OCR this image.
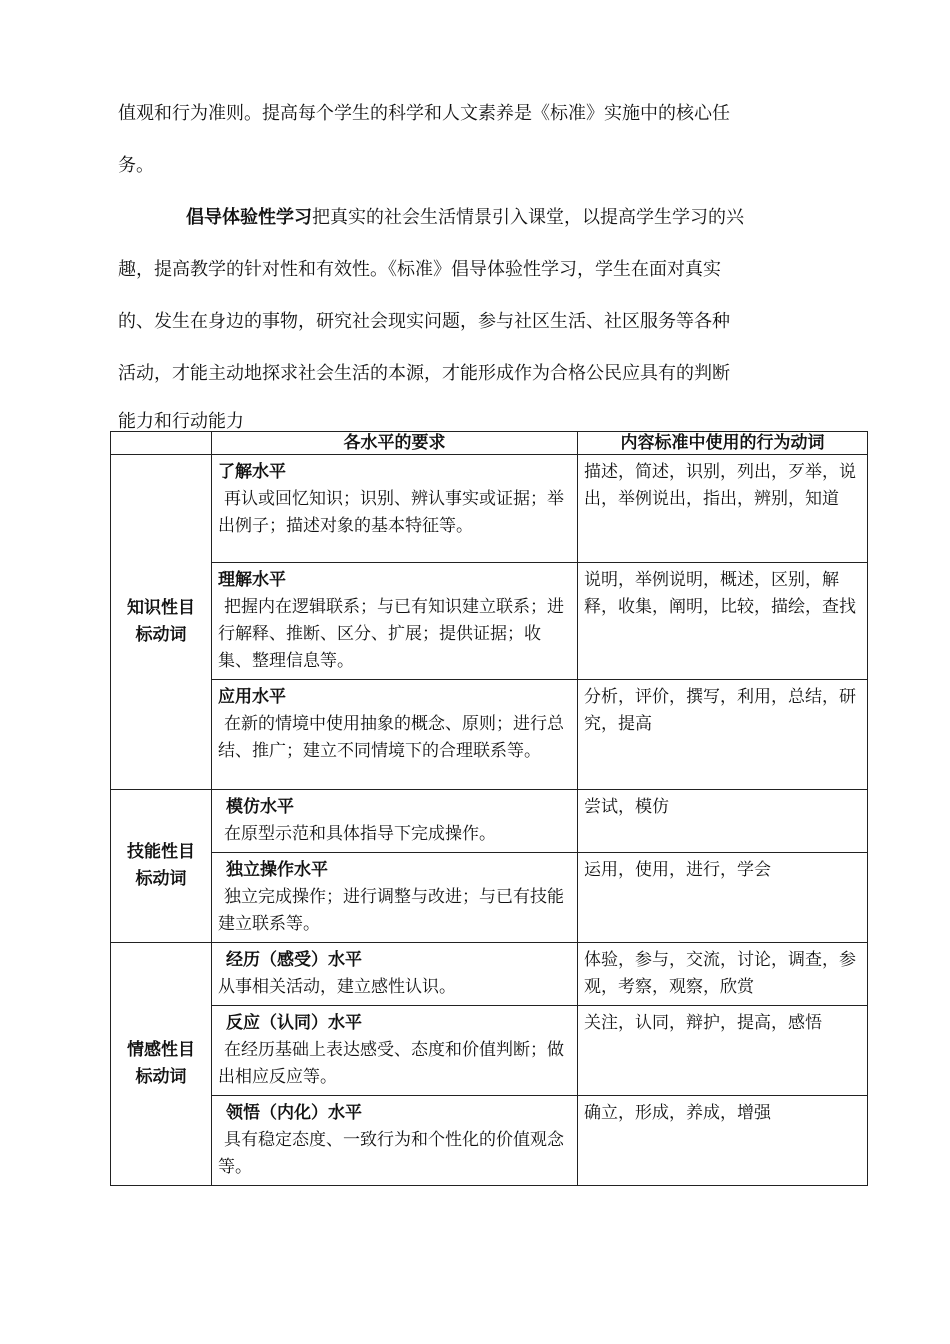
值观和行为准则。提高每个学生的科学和人文素养是《标准》实施中的核心任
务。
倡导体验性学习把真实的社会生活情景引入课堂，以提高学生学习的兴
趣，提高教学的针对性和有效性。《标准》倡导体验性学习，学生在面对真实
的、发生在身边的事物，研究社会现实问题，参与社区生活、社区服务等各种
活动，才能主动地探求社会生活的本源，才能形成作为合格公民应具有的判断
能力和行动能力
	各水平的要求	内容标准中使用的行为动词

知识性目标动词	了解水平
再认或回忆知识；识别、辨认事实或证据；举出例子；描述对象的基本特征等。	描述，简述，识别，列出，歹举，说出，举例说出，指出，辨别，知道

	理解水平
把握内在逻辑联系；与已有知识建立联系；进行解释、推断、区分、扩展；提供证据；收集、整理信息等。	说明，举例说明，概述，区别，解释，收集，阐明，比较，描绘，查找

	应用水平
在新的情境中使用抽象的概念、原则；进行总结、推广；建立不同情境下的合理联系等。	分析，评价，撰写，利用，总结，研究，提高

技能性目标动词	模仿水平
在原型示范和具体指导下完成操作。	尝试，模仿

	独立操作水平
独立完成操作；进行调整与改进；与已有技能建立联系等。	运用，使用，进行，学会

情感性目标动词	经历（感受）水平
从事相关活动，建立感性认识。	体验，参与，交流，讨论，调查，参观，考察，观察，欣赏

	反应（认同）水平
在经历基础上表达感受、态度和价值判断；做出相应反应等。	关注，认同，辩护，提高，感悟

	领悟（内化）水平
具有稳定态度、一致行为和个性化的价值观念等。	确立，形成，养成，增强
